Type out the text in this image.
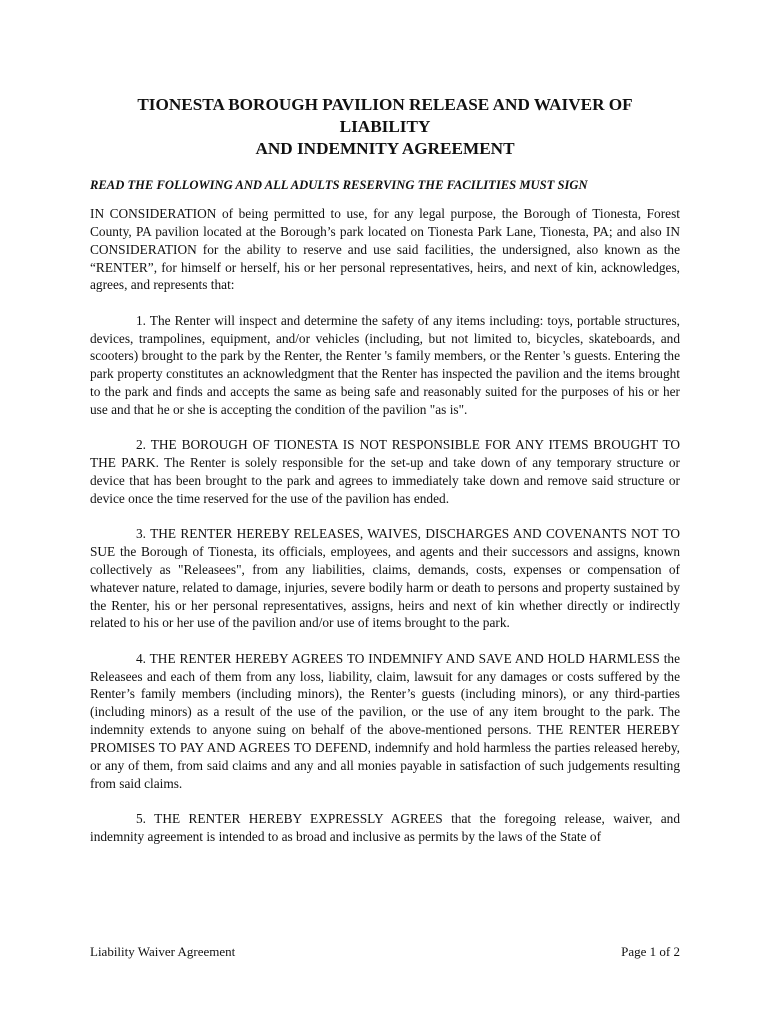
TIONESTA BOROUGH PAVILION RELEASE AND WAIVER OF
LIABILITY
AND INDEMNITY AGREEMENT

READ THE FOLLOWING AND ALL ADULTS RESERVING THE FACILITIES MUST SIGN

IN CONSIDERATION of being permitted to use, for any legal purpose, the Borough of Tionesta, Forest County, PA pavilion located at the Borough’s park located on Tionesta Park Lane, Tionesta, PA; and also IN CONSIDERATION for the ability to reserve and use said facilities, the undersigned, also known as the “RENTER”, for himself or herself, his or her personal representatives, heirs, and next of kin, acknowledges, agrees, and represents that:

1. The Renter will inspect and determine the safety of any items including: toys, portable structures, devices, trampolines, equipment, and/or vehicles (including, but not limited to, bicycles, skateboards, and scooters) brought to the park by the Renter, the Renter 's family members, or the Renter 's guests. Entering the park property constitutes an acknowledgment that the Renter has inspected the pavilion and the items brought to the park and finds and accepts the same as being safe and reasonably suited for the purposes of his or her use and that he or she is accepting the condition of the pavilion "as is".

2. THE BOROUGH OF TIONESTA IS NOT RESPONSIBLE FOR ANY ITEMS BROUGHT TO THE PARK. The Renter is solely responsible for the set-up and take down of any temporary structure or device that has been brought to the park and agrees to immediately take down and remove said structure or device once the time reserved for the use of the pavilion has ended.

3. THE RENTER HEREBY RELEASES, WAIVES, DISCHARGES AND COVENANTS NOT TO SUE the Borough of Tionesta, its officials, employees, and agents and their successors and assigns, known collectively as "Releasees", from any liabilities, claims, demands, costs, expenses or compensation of whatever nature, related to damage, injuries, severe bodily harm or death to persons and property sustained by the Renter, his or her personal representatives, assigns, heirs and next of kin whether directly or indirectly related to his or her use of the pavilion and/or use of items brought to the park.

4. THE RENTER HEREBY AGREES TO INDEMNIFY AND SAVE AND HOLD HARMLESS the Releasees and each of them from any loss, liability, claim, lawsuit for any damages or costs suffered by the Renter’s family members (including minors), the Renter’s guests (including minors), or any third-parties (including minors) as a result of the use of the pavilion, or the use of any item brought to the park. The indemnity extends to anyone suing on behalf of the above-mentioned persons. THE RENTER HEREBY PROMISES TO PAY AND AGREES TO DEFEND, indemnify and hold harmless the parties released hereby, or any of them, from said claims and any and all monies payable in satisfaction of such judgements resulting from said claims.

5. THE RENTER HEREBY EXPRESSLY AGREES that the foregoing release, waiver, and indemnity agreement is intended to as broad and inclusive as permits by the laws of the State of

Liability Waiver Agreement	Page 1 of 2
